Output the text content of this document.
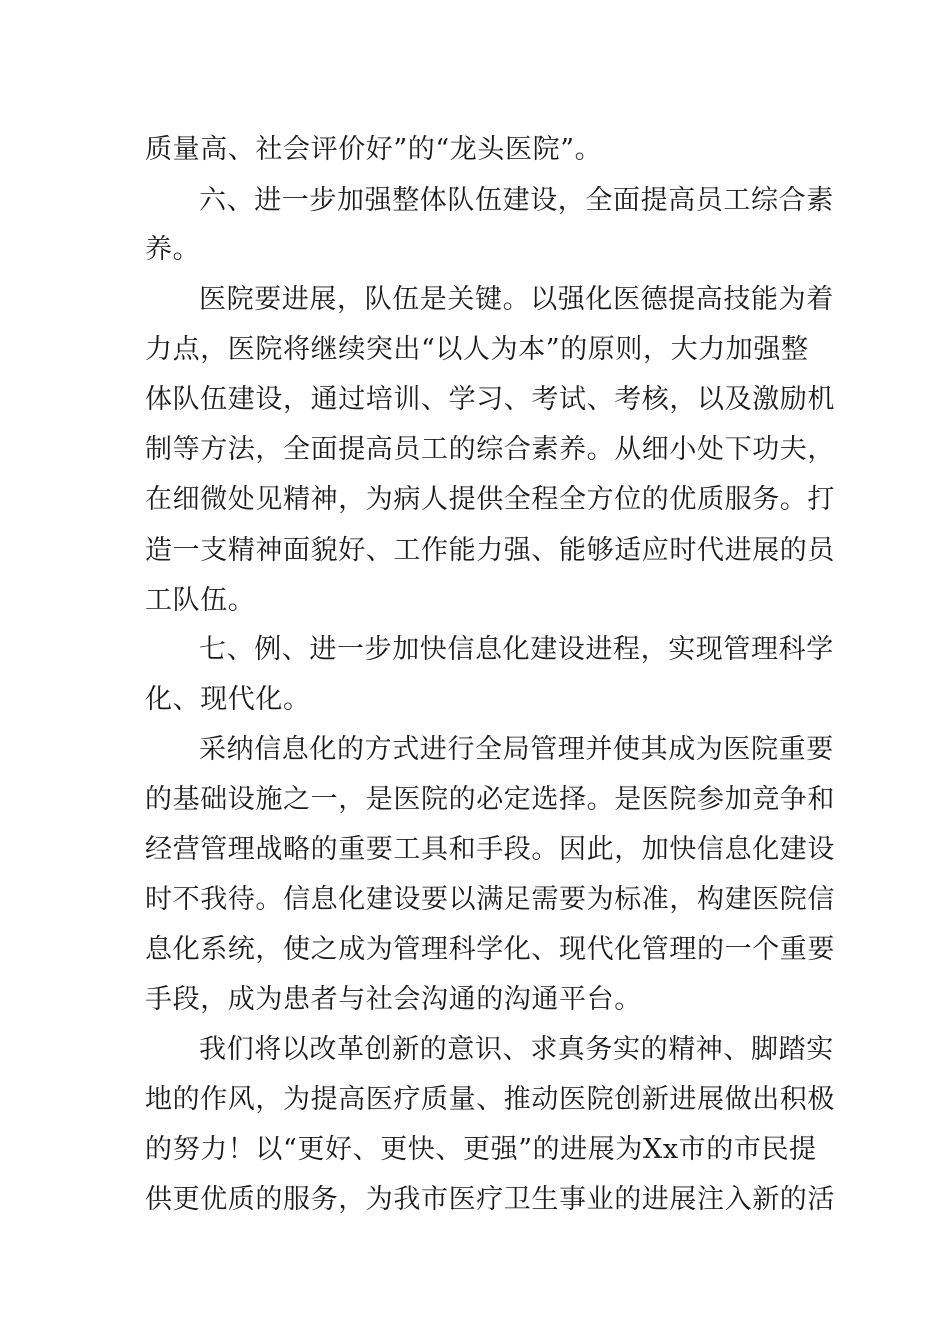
质量高、社会评价好”的“龙头医院”。
六、进一步加强整体队伍建设，全面提高员工综合素
养。
医院要进展，队伍是关键。以强化医德提高技能为着
力点，医院将继续突出“以人为本”的原则，大力加强整
体队伍建设，通过培训、学习、考试、考核，以及激励机
制等方法，全面提高员工的综合素养。从细小处下功夫，
在细微处见精神，为病人提供全程全方位的优质服务。打
造一支精神面貌好、工作能力强、能够适应时代进展的员
工队伍。
七、例、进一步加快信息化建设进程，实现管理科学
化、现代化。
采纳信息化的方式进行全局管理并使其成为医院重要
的基础设施之一，是医院的必定选择。是医院参加竞争和
经营管理战略的重要工具和手段。因此，加快信息化建设
时不我待。信息化建设要以满足需要为标准，构建医院信
息化系统，使之成为管理科学化、现代化管理的一个重要
手段，成为患者与社会沟通的沟通平台。
我们将以改革创新的意识、求真务实的精神、脚踏实
地的作风，为提高医疗质量、推动医院创新进展做出积极
的努力！以“更好、更快、更强”的进展为Xx市的市民提
供更优质的服务，为我市医疗卫生事业的进展注入新的活
